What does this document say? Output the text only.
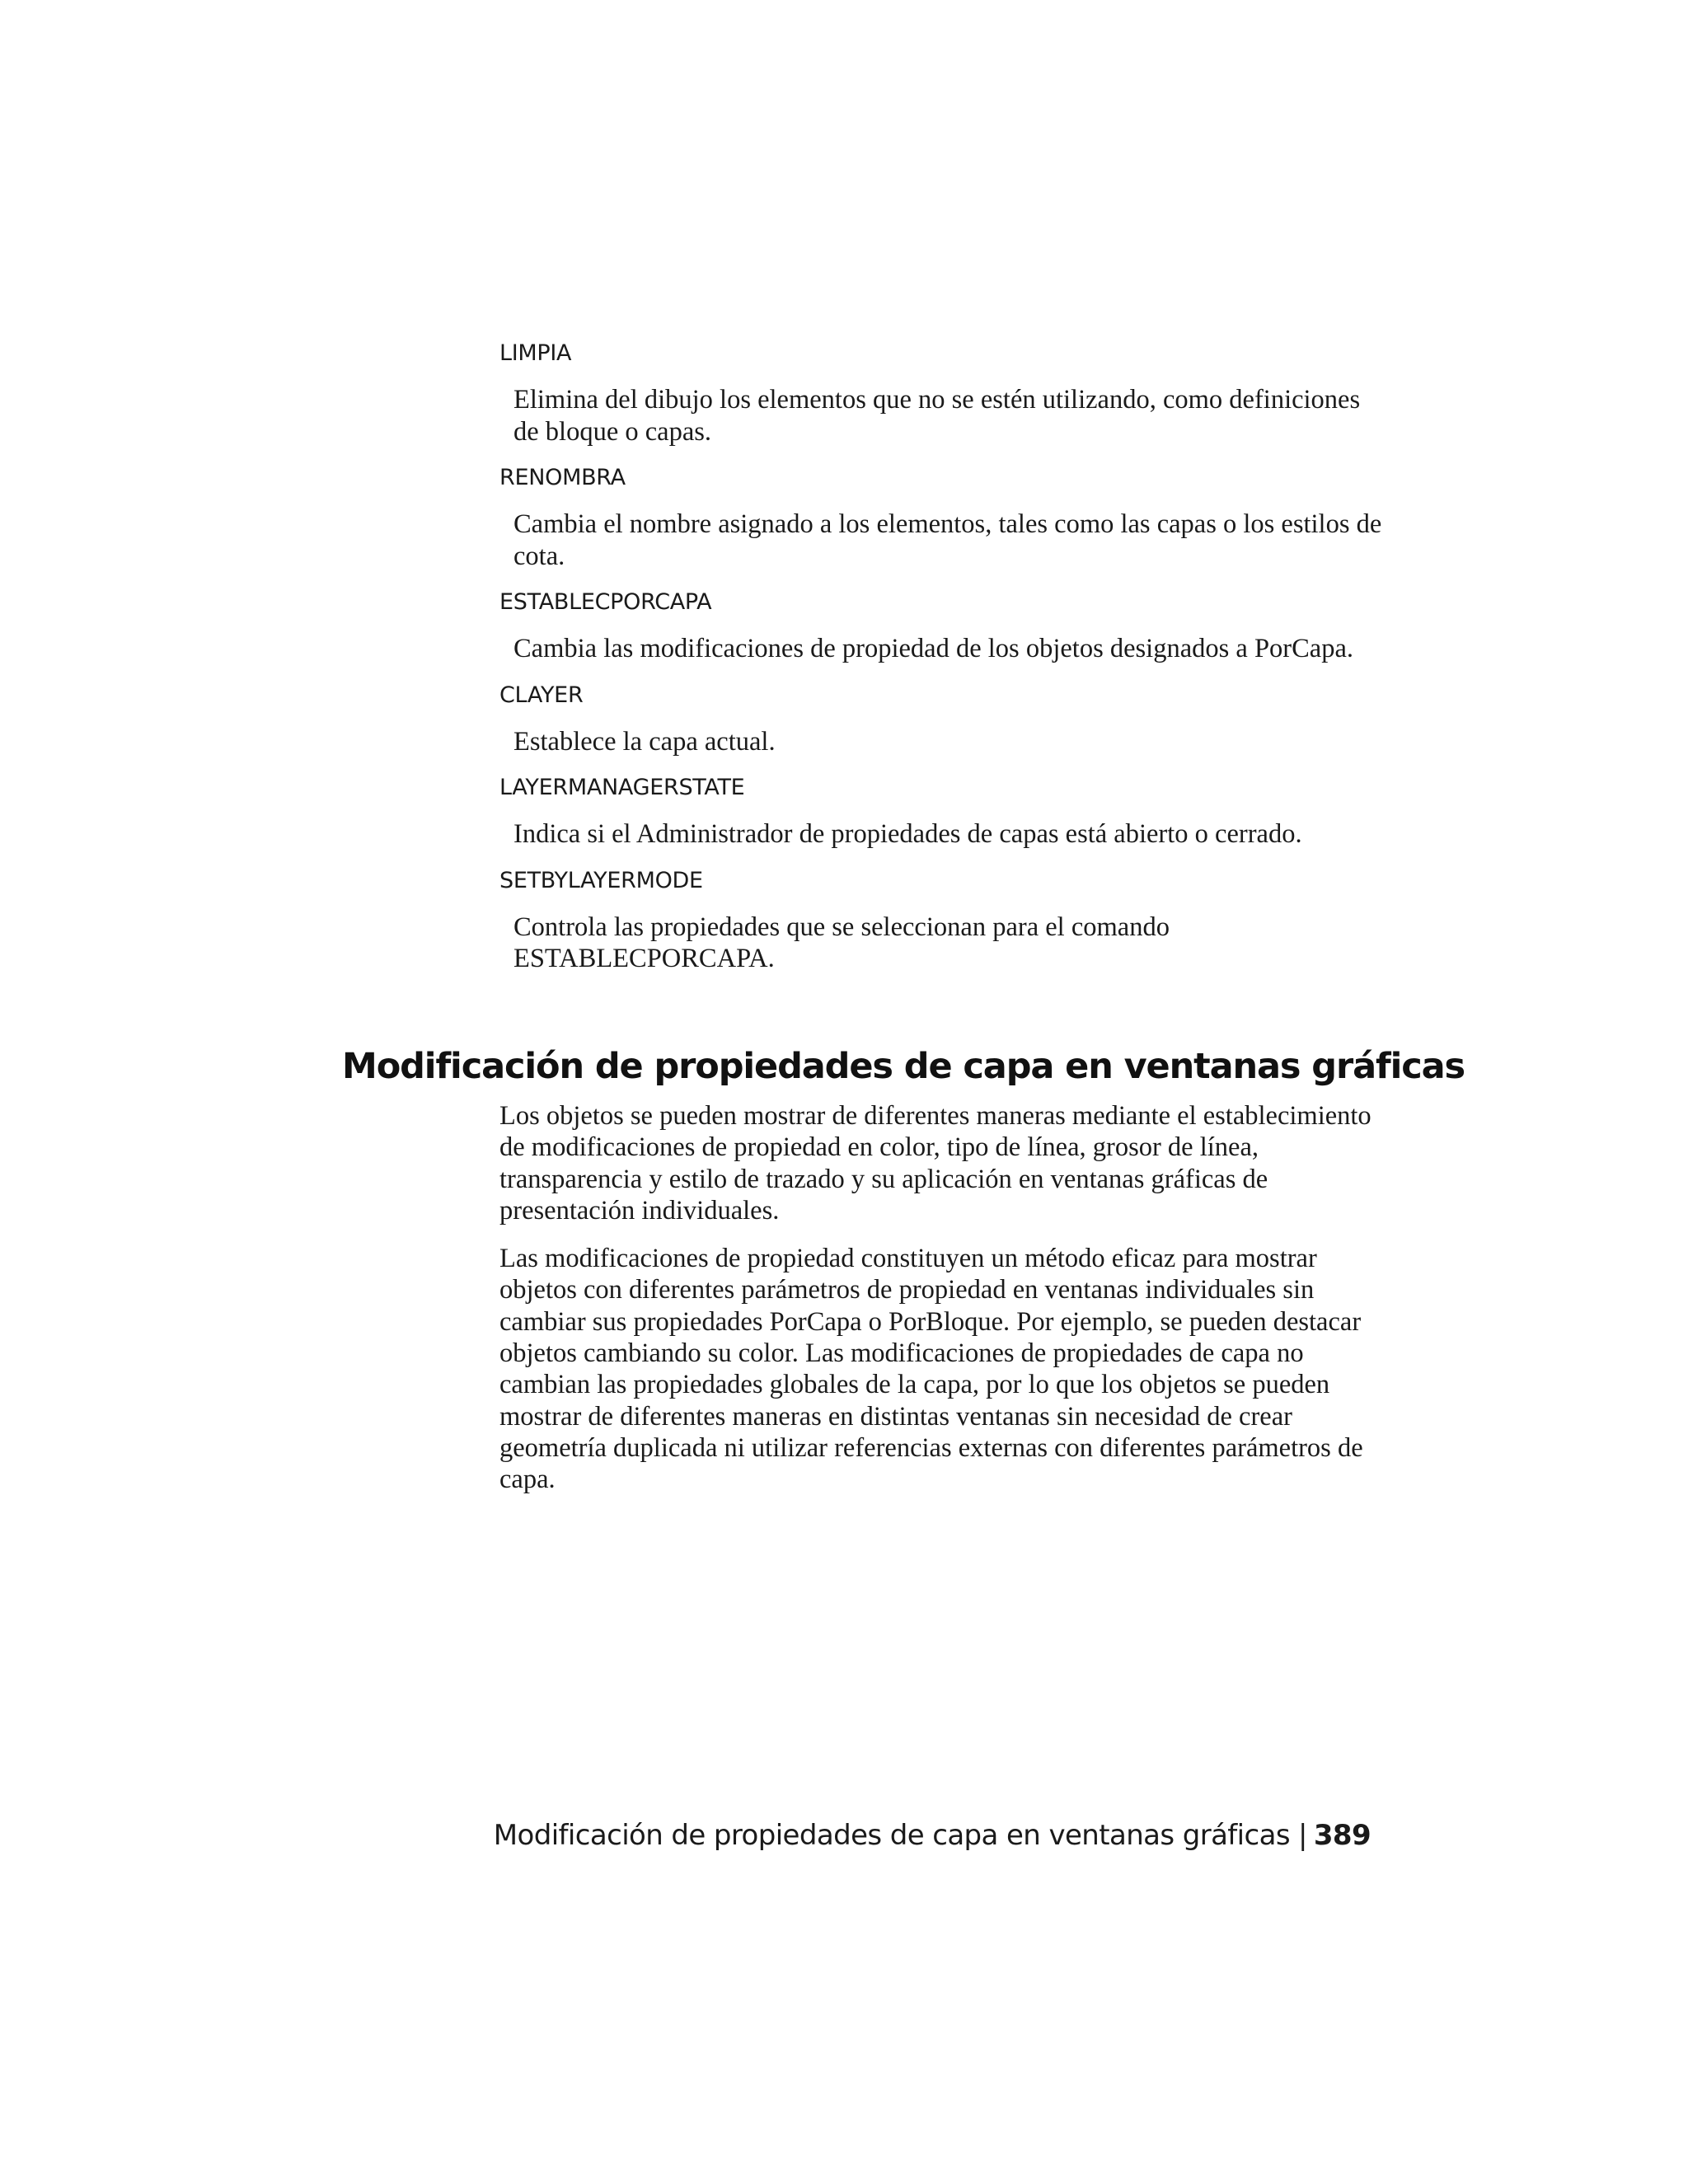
LIMPIA
Elimina del dibujo los elementos que no se estén utilizando, como definiciones de bloque o capas.
RENOMBRA
Cambia el nombre asignado a los elementos, tales como las capas o los estilos de cota.
ESTABLECPORCAPA
Cambia las modificaciones de propiedad de los objetos designados a PorCapa.
CLAYER
Establece la capa actual.
LAYERMANAGERSTATE
Indica si el Administrador de propiedades de capas está abierto o cerrado.
SETBYLAYERMODE
Controla las propiedades que se seleccionan para el comando ESTABLECPORCAPA.
Modificación de propiedades de capa en ventanas gráficas

Los objetos se pueden mostrar de diferentes maneras mediante el establecimiento de modificaciones de propiedad en color, tipo de línea, grosor de línea, transparencia y estilo de trazado y su aplicación en ventanas gráficas de presentación individuales.

Las modificaciones de propiedad constituyen un método eficaz para mostrar objetos con diferentes parámetros de propiedad en ventanas individuales sin cambiar sus propiedades PorCapa o PorBloque. Por ejemplo, se pueden destacar objetos cambiando su color. Las modificaciones de propiedades de capa no cambian las propiedades globales de la capa, por lo que los objetos se pueden mostrar de diferentes maneras en distintas ventanas sin necesidad de crear geometría duplicada ni utilizar referencias externas con diferentes parámetros de capa.

Modificación de propiedades de capa en ventanas gráficas | 389
